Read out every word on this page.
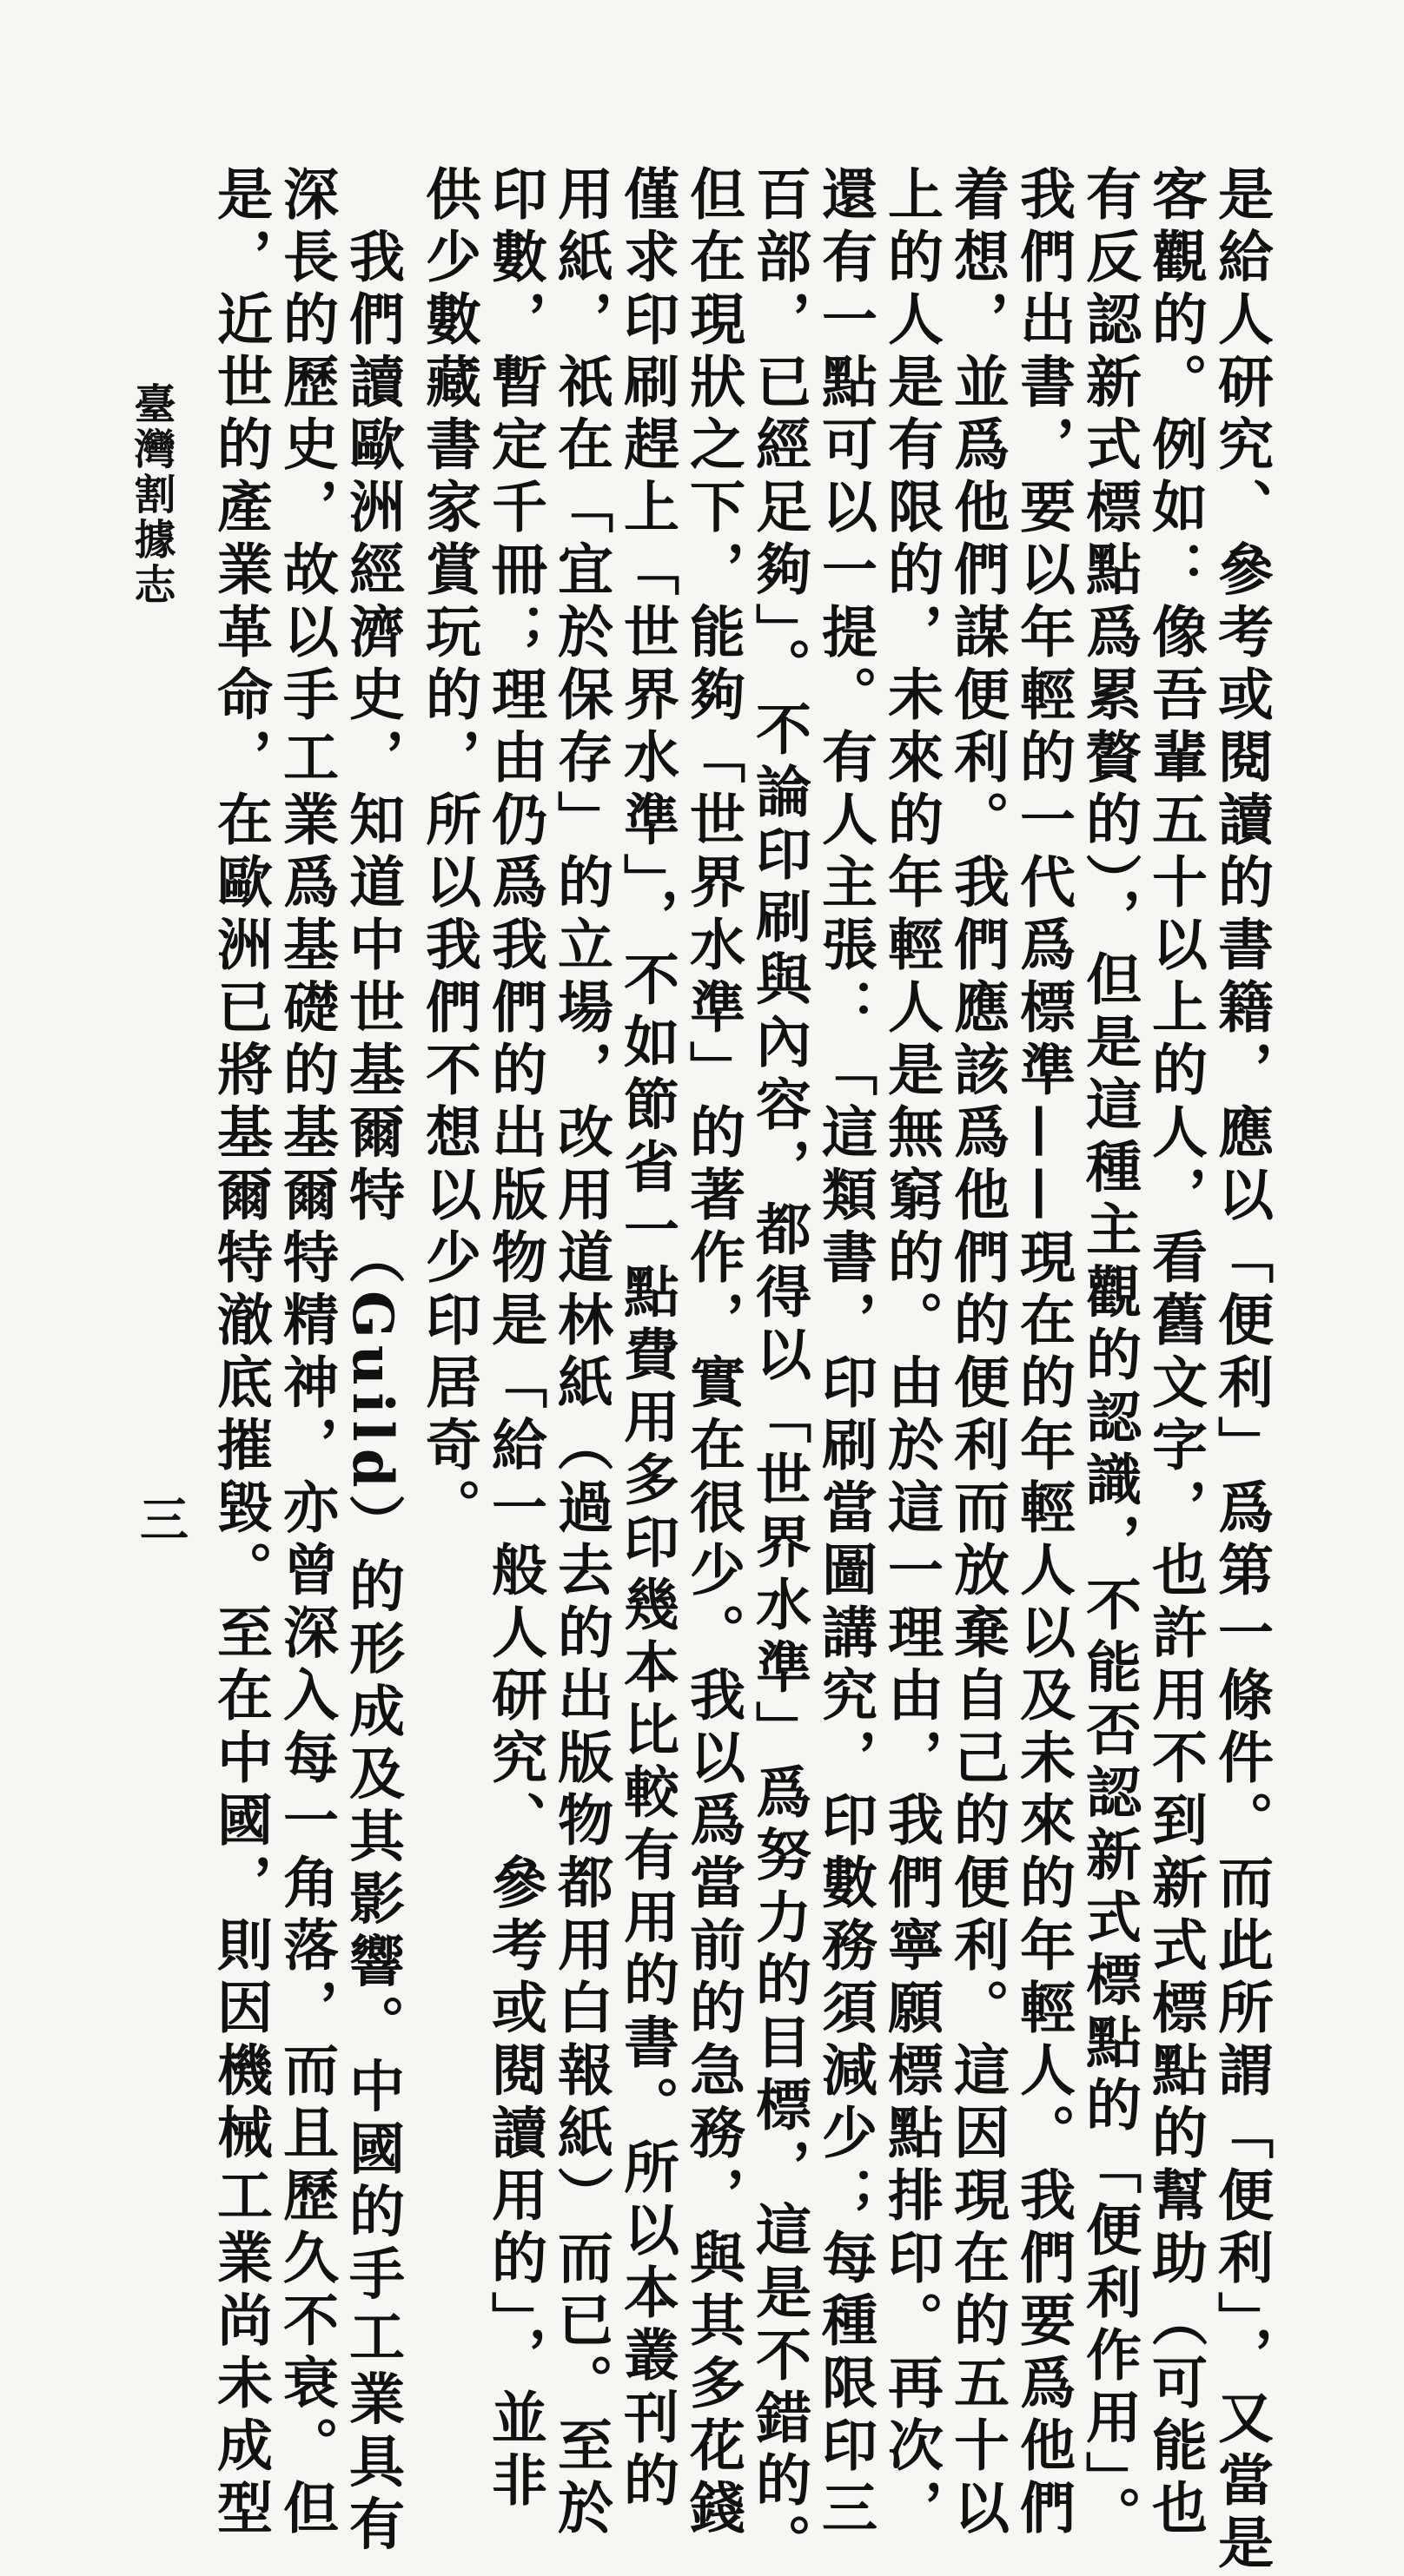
是給人研究、參考或閱讀的書籍，應以「便利」爲第一條件。而此所謂「便利」，又當是
客觀的。例如：像吾輩五十以上的人，看舊文字，也許用不到新式標點的幫助（可能也
有反認新式標點爲累贅的），但是這種主觀的認識，不能否認新式標點的「便利作用」。
我們出書，要以年輕的一代爲標準——現在的年輕人以及未來的年輕人。我們要爲他們
着想，並爲他們謀便利。我們應該爲他們的便利而放棄自己的便利。這因現在的五十以
上的人是有限的，未來的年輕人是無窮的。由於這一理由，我們寧願標點排印。再次，
還有一點可以一提。有人主張：「這類書，印刷當圖講究，印數務須減少；每種限印三
百部，已經足夠」。不論印刷與內容，都得以「世界水準」爲努力的目標，這是不錯的。
但在現狀之下，能夠「世界水準」的著作，實在很少。我以爲當前的急務，與其多花錢
僅求印刷趕上「世界水準」，不如節省一點費用多印幾本比較有用的書。所以本叢刊的
用紙，祇在「宜於保存」的立場，改用道林紙（過去的出版物都用白報紙）而已。至於
印數，暫定千冊；理由仍爲我們的出版物是「給一般人研究、參考或閱讀用的」，並非
供少數藏書家賞玩的，所以我們不想以少印居奇。
　我們讀歐洲經濟史，知道中世基爾特（Guild）的形成及其影響。中國的手工業具有
深長的歷史，故以手工業爲基礎的基爾特精神，亦曾深入每一角落，而且歷久不衰。但
是，近世的產業革命，在歐洲已將基爾特澈底摧毀。至在中國，則因機械工業尚未成型
臺灣割據志
三
